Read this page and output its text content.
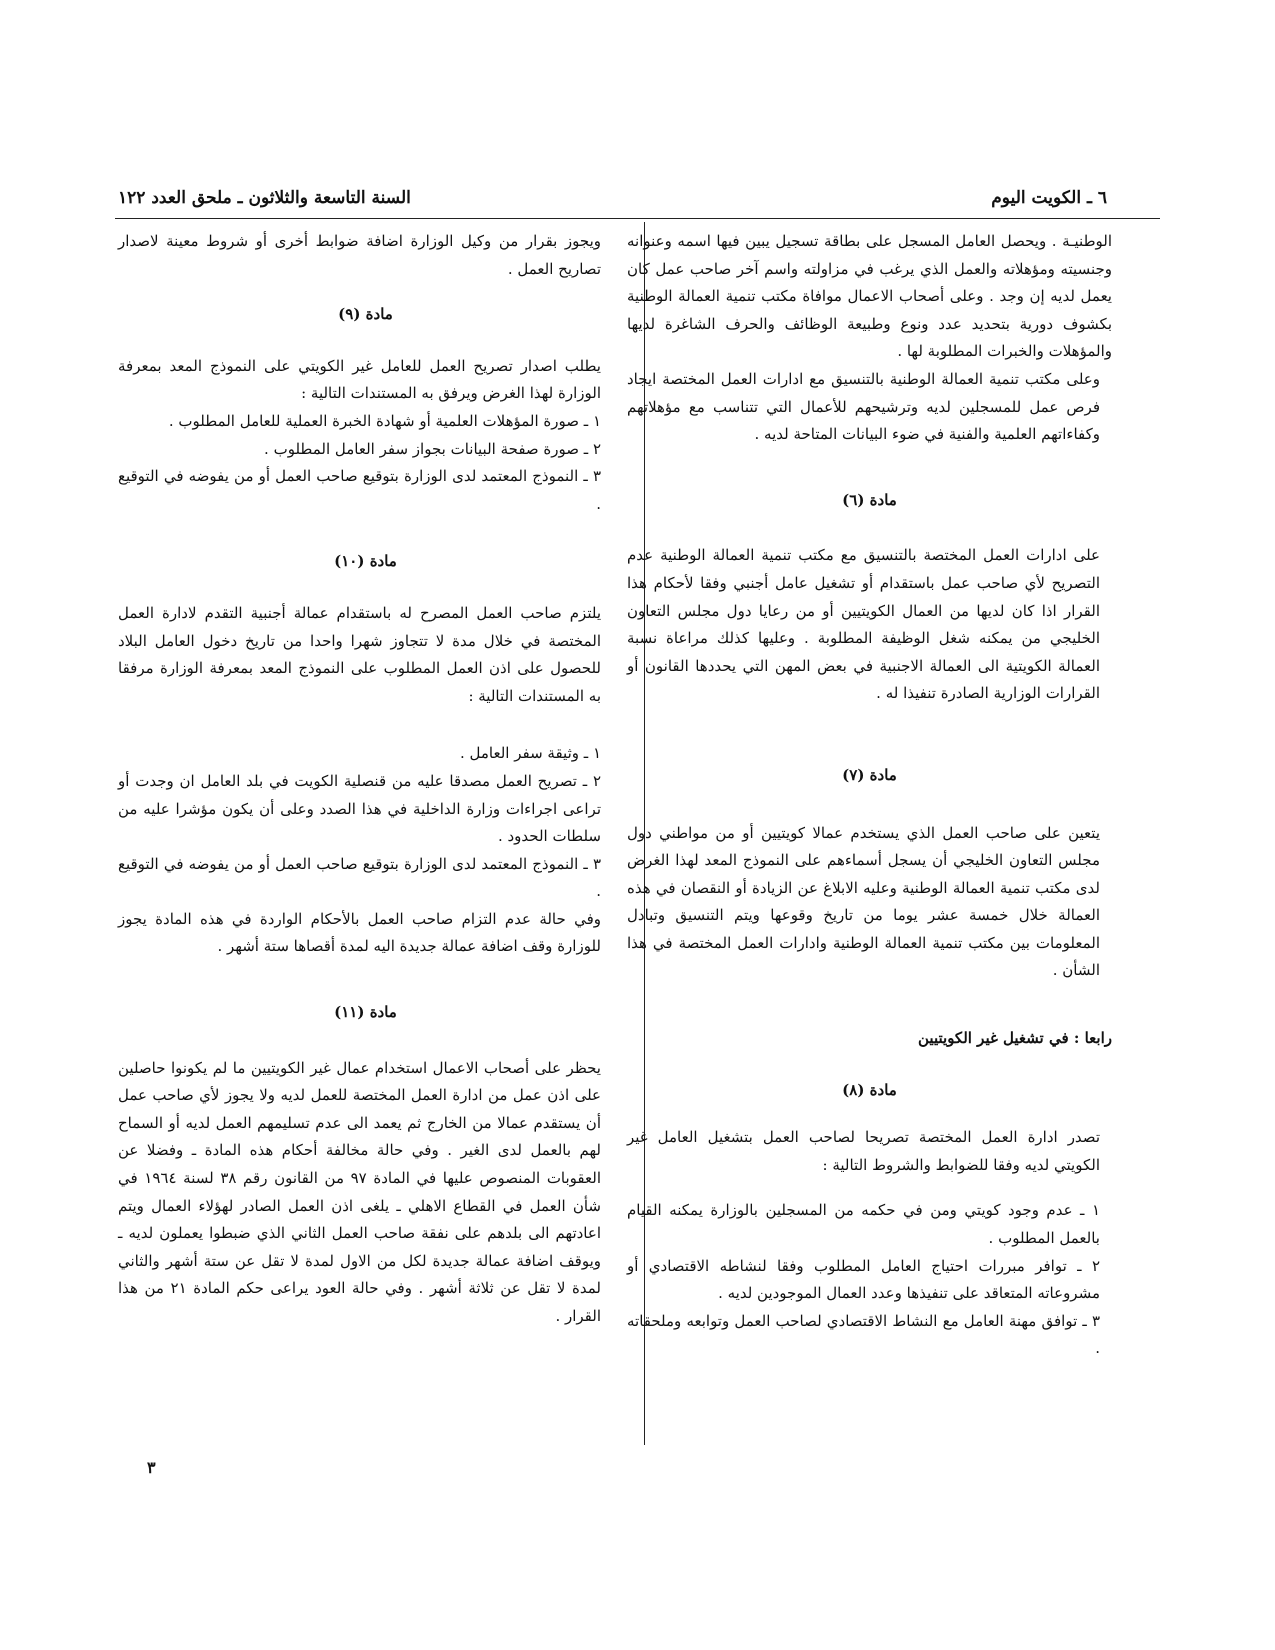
٦ ـ الكويت اليوم
السنة التاسعة والثلاثون ـ ملحق العدد ١٢٢

الوطنيـة . ويحصل العامل المسجل على بطاقة تسجيل يبين فيها اسمه وعنوانه وجنسيته ومؤهلاته والعمل الذي يرغب في مزاولته واسم آخر صاحب عمل كان يعمل لديه إن وجد . وعلى أصحاب الاعمال موافاة مكتب تنمية العمالة الوطنية بكشوف دورية بتحديد عدد ونوع وطبيعة الوظائف والحرف الشاغرة لديها والمؤهلات والخبرات المطلوبة لها .

وعلى مكتب تنمية العمالة الوطنية بالتنسيق مع ادارات العمل المختصة ايجاد فرص عمل للمسجلين لديه وترشيحهم للأعمال التي تتناسب مع مؤهلاتهم وكفاءاتهم العلمية والفنية في ضوء البيانات المتاحة لديه .

مادة (٦)

على ادارات العمل المختصة بالتنسيق مع مكتب تنمية العمالة الوطنية عدم التصريح لأي صاحب عمل باستقدام أو تشغيل عامل أجنبي وفقا لأحكام هذا القرار اذا كان لديها من العمال الكويتيين أو من رعايا دول مجلس التعاون الخليجي من يمكنه شغل الوظيفة المطلوبة . وعليها كذلك مراعاة نسبة العمالة الكويتية الى العمالة الاجنبية في بعض المهن التي يحددها القانون أو القرارات الوزارية الصادرة تنفيذا له .

مادة (٧)

يتعين على صاحب العمل الذي يستخدم عمالا كويتيين أو من مواطني دول مجلس التعاون الخليجي أن يسجل أسماءهم على النموذج المعد لهذا الغرض لدى مكتب تنمية العمالة الوطنية وعليه الابلاغ عن الزيادة أو النقصان في هذه العمالة خلال خمسة عشر يوما من تاريخ وقوعها ويتم التنسيق وتبادل المعلومات بين مكتب تنمية العمالة الوطنية وادارات العمل المختصة في هذا الشأن .

رابعا : في تشغيل غير الكويتيين

مادة (٨)

تصدر ادارة العمل المختصة تصريحا لصاحب العمل بتشغيل العامل غير الكويتي لديه وفقا للضوابط والشروط التالية :

١ ـ عدم وجود كويتي ومن في حكمه من المسجلين بالوزارة يمكنه القيام بالعمل المطلوب .

٢ ـ توافر مبررات احتياج العامل المطلوب وفقا لنشاطه الاقتصادي أو مشروعاته المتعاقد على تنفيذها وعدد العمال الموجودين لديه .

٣ ـ توافق مهنة العامل مع النشاط الاقتصادي لصاحب العمل وتوابعه وملحقاته .

ويجوز بقرار من وكيل الوزارة اضافة ضوابط أخرى أو شروط معينة لاصدار تصاريح العمل .

مادة (٩)

يطلب اصدار تصريح العمل للعامل غير الكويتي على النموذج المعد بمعرفة الوزارة لهذا الغرض ويرفق به المستندات التالية :

١ ـ صورة المؤهلات العلمية أو شهادة الخبرة العملية للعامل المطلوب .

٢ ـ صورة صفحة البيانات بجواز سفر العامل المطلوب .

٣ ـ النموذج المعتمد لدى الوزارة بتوقيع صاحب العمل أو من يفوضه في التوقيع .

مادة (١٠)

يلتزم صاحب العمل المصرح له باستقدام عمالة أجنبية التقدم لادارة العمل المختصة في خلال مدة لا تتجاوز شهرا واحدا من تاريخ دخول العامل البلاد للحصول على اذن العمل المطلوب على النموذج المعد بمعرفة الوزارة مرفقا به المستندات التالية :

١ ـ وثيقة سفر العامل .

٢ ـ تصريح العمل مصدقا عليه من قنصلية الكويت في بلد العامل ان وجدت أو تراعى اجراءات وزارة الداخلية في هذا الصدد وعلى أن يكون مؤشرا عليه من سلطات الحدود .

٣ ـ النموذج المعتمد لدى الوزارة بتوقيع صاحب العمل أو من يفوضه في التوقيع .

وفي حالة عدم التزام صاحب العمل بالأحكام الواردة في هذه المادة يجوز للوزارة وقف اضافة عمالة جديدة اليه لمدة أقصاها ستة أشهر .

مادة (١١)

يحظر على أصحاب الاعمال استخدام عمال غير الكويتيين ما لم يكونوا حاصلين على اذن عمل من ادارة العمل المختصة للعمل لديه ولا يجوز لأي صاحب عمل أن يستقدم عمالا من الخارج ثم يعمد الى عدم تسليمهم العمل لديه أو السماح لهم بالعمل لدى الغير . وفي حالة مخالفة أحكام هذه المادة ـ وفضلا عن العقوبات المنصوص عليها في المادة ٩٧ من القانون رقم ٣٨ لسنة ١٩٦٤ في شأن العمل في القطاع الاهلي ـ يلغى اذن العمل الصادر لهؤلاء العمال ويتم اعادتهم الى بلدهم على نفقة صاحب العمل الثاني الذي ضبطوا يعملون لديه ـ ويوقف اضافة عمالة جديدة لكل من الاول لمدة لا تقل عن ستة أشهر والثاني لمدة لا تقل عن ثلاثة أشهر . وفي حالة العود يراعى حكم المادة ٢١ من هذا القرار .

٣
